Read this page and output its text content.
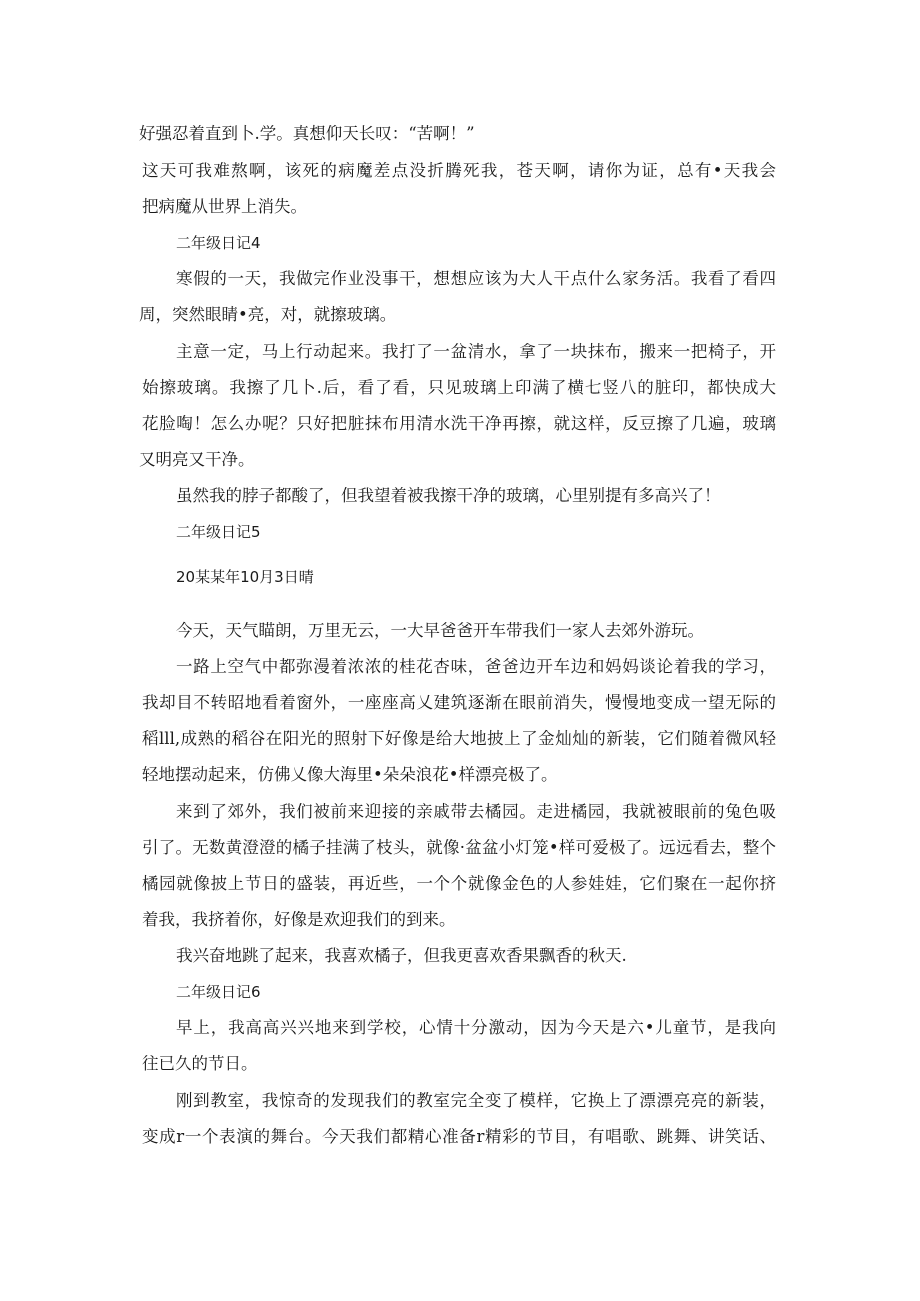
好强忍着直到卜.学。真想仰天长叹：“苦啊！”
这天可我难熬啊，该死的病魔差点没折腾死我，苍天啊，请你为证，总有•天我会
把病魔从世界上消失。
二年级日记4
寒假的一天，我做完作业没事干，想想应该为大人干点什么家务活。我看了看四
周，突然眼睛•亮，对，就擦玻璃。
主意一定，马上行动起来。我打了一盆清水，拿了一块抹布，搬来一把椅子，开
始擦玻璃。我擦了几卜.后，看了看，只见玻璃上印满了横七竖八的脏印，都快成大
花脸啕！怎么办呢？只好把脏抹布用清水洗干净再擦，就这样，反豆擦了几遍，玻璃
又明亮又干净。
虽然我的脖子都酸了，但我望着被我擦干净的玻璃，心里别提有多高兴了！
二年级日记5
20某某年10月3日晴
今天，天气瞄朗，万里无云，一大早爸爸开车带我们一家人去郊外游玩。
一路上空气中都弥漫着浓浓的桂花杏味，爸爸边开车边和妈妈谈论着我的学习，
我却目不转昭地看着窗外，一座座高乂建筑逐渐在眼前消失，慢慢地变成一望无际的
稻lll,成熟的稻谷在阳光的照射下好像是给大地披上了金灿灿的新装，它们随着微风轻
轻地摆动起来，仿佛乂像大海里•朵朵浪花•样漂亮极了。
来到了郊外，我们被前来迎接的亲戚带去橘园。走进橘园，我就被眼前的兔色吸
引了。无数黄澄澄的橘子挂满了枝头，就像·盆盆小灯笼•样可爱极了。远远看去，整个
橘园就像披上节日的盛装，再近些，一个个就像金色的人参娃娃，它们聚在一起你挤
着我，我挤着你，好像是欢迎我们的到来。
我兴奋地跳了起来，我喜欢橘子，但我更喜欢香果飘香的秋天.
二年级日记6
早上，我高高兴兴地来到学校，心情十分激动，因为今天是六•儿童节，是我向
往已久的节日。
刚到教室，我惊奇的发现我们的教室完全变了模样，它换上了漂漂亮亮的新装，
变成r一个表演的舞台。今天我们都精心准备r精彩的节目，有唱歌、跳舞、讲笑话、
